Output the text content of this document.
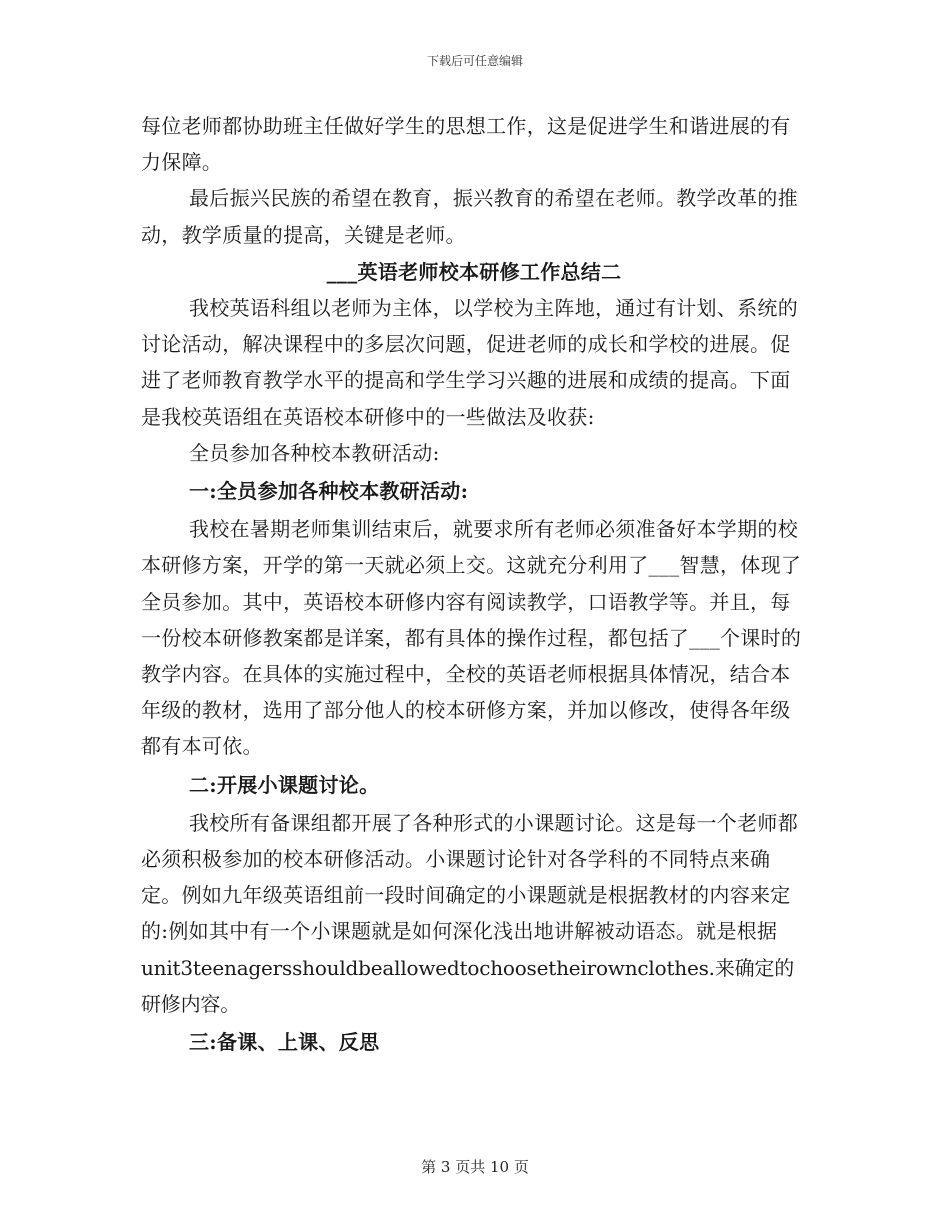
下载后可任意编辑

每位老师都协助班主任做好学生的思想工作，这是促进学生和谐进展的有力保障。

最后振兴民族的希望在教育，振兴教育的希望在老师。教学改革的推动，教学质量的提高，关键是老师。

___英语老师校本研修工作总结二

我校英语科组以老师为主体，以学校为主阵地，通过有计划、系统的讨论活动，解决课程中的多层次问题，促进老师的成长和学校的进展。促进了老师教育教学水平的提高和学生学习兴趣的进展和成绩的提高。下面是我校英语组在英语校本研修中的一些做法及收获:

全员参加各种校本教研活动:

一:全员参加各种校本教研活动:

我校在暑期老师集训结束后，就要求所有老师必须准备好本学期的校本研修方案，开学的第一天就必须上交。这就充分利用了___智慧，体现了全员参加。其中，英语校本研修内容有阅读教学，口语教学等。并且，每一份校本研修教案都是详案，都有具体的操作过程，都包括了___个课时的教学内容。在具体的实施过程中，全校的英语老师根据具体情况，结合本年级的教材，选用了部分他人的校本研修方案，并加以修改，使得各年级都有本可依。

二:开展小课题讨论。

我校所有备课组都开展了各种形式的小课题讨论。这是每一个老师都必须积极参加的校本研修活动。小课题讨论针对各学科的不同特点来确定。例如九年级英语组前一段时间确定的小课题就是根据教材的内容来定的:例如其中有一个小课题就是如何深化浅出地讲解被动语态。就是根据

unit3teenagersshouldbeallowedtochoosetheirownclothes.来确定的研修内容。

三:备课、上课、反思

第 3 页共 10 页
